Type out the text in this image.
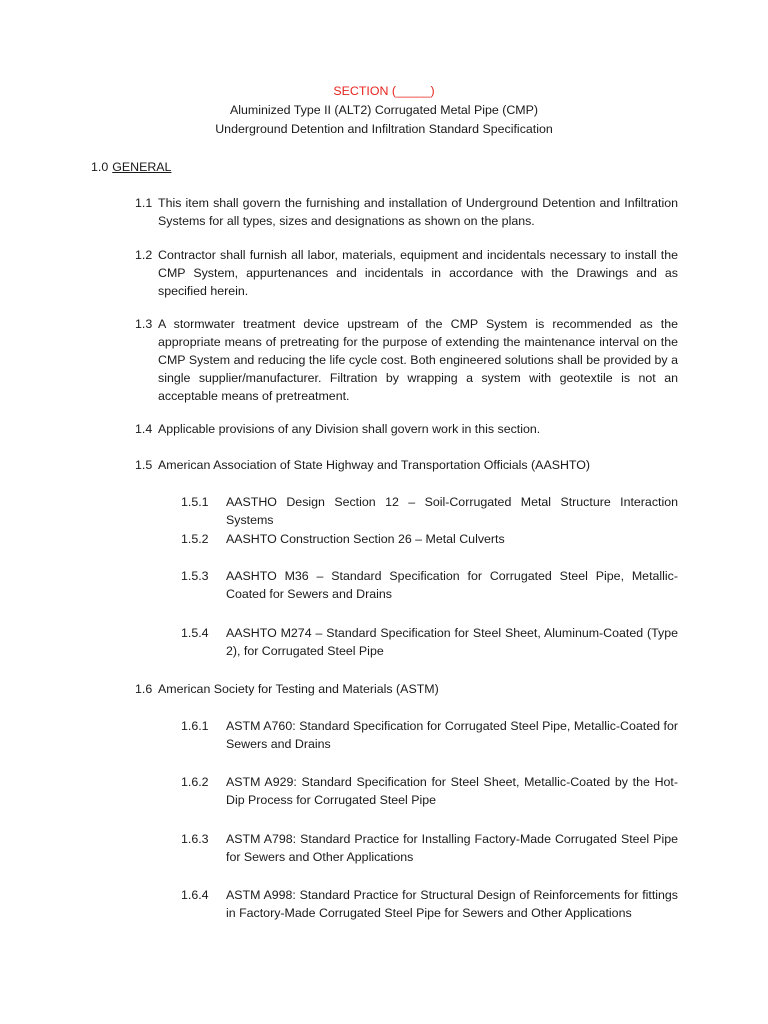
SECTION (_____)
Aluminized Type II (ALT2) Corrugated Metal Pipe (CMP)
Underground Detention and Infiltration Standard Specification
1.0 GENERAL
1.1 This item shall govern the furnishing and installation of Underground Detention and Infiltration Systems for all types, sizes and designations as shown on the plans.
1.2 Contractor shall furnish all labor, materials, equipment and incidentals necessary to install the CMP System, appurtenances and incidentals in accordance with the Drawings and as specified herein.
1.3 A stormwater treatment device upstream of the CMP System is recommended as the appropriate means of pretreating for the purpose of extending the maintenance interval on the CMP System and reducing the life cycle cost. Both engineered solutions shall be provided by a single supplier/manufacturer. Filtration by wrapping a system with geotextile is not an acceptable means of pretreatment.
1.4 Applicable provisions of any Division shall govern work in this section.
1.5 American Association of State Highway and Transportation Officials (AASHTO)
1.5.1	AASTHO Design Section 12 – Soil-Corrugated Metal Structure Interaction Systems
1.5.2	AASHTO Construction Section 26 – Metal Culverts
1.5.3	AASHTO M36 – Standard Specification for Corrugated Steel Pipe, Metallic-Coated for Sewers and Drains
1.5.4	AASHTO M274 – Standard Specification for Steel Sheet, Aluminum-Coated (Type 2), for Corrugated Steel Pipe
1.6 American Society for Testing and Materials (ASTM)
1.6.1	ASTM A760: Standard Specification for Corrugated Steel Pipe, Metallic-Coated for Sewers and Drains
1.6.2	ASTM A929: Standard Specification for Steel Sheet, Metallic-Coated by the Hot-Dip Process for Corrugated Steel Pipe
1.6.3	ASTM A798: Standard Practice for Installing Factory-Made Corrugated Steel Pipe for Sewers and Other Applications
1.6.4	ASTM A998: Standard Practice for Structural Design of Reinforcements for fittings in Factory-Made Corrugated Steel Pipe for Sewers and Other Applications
